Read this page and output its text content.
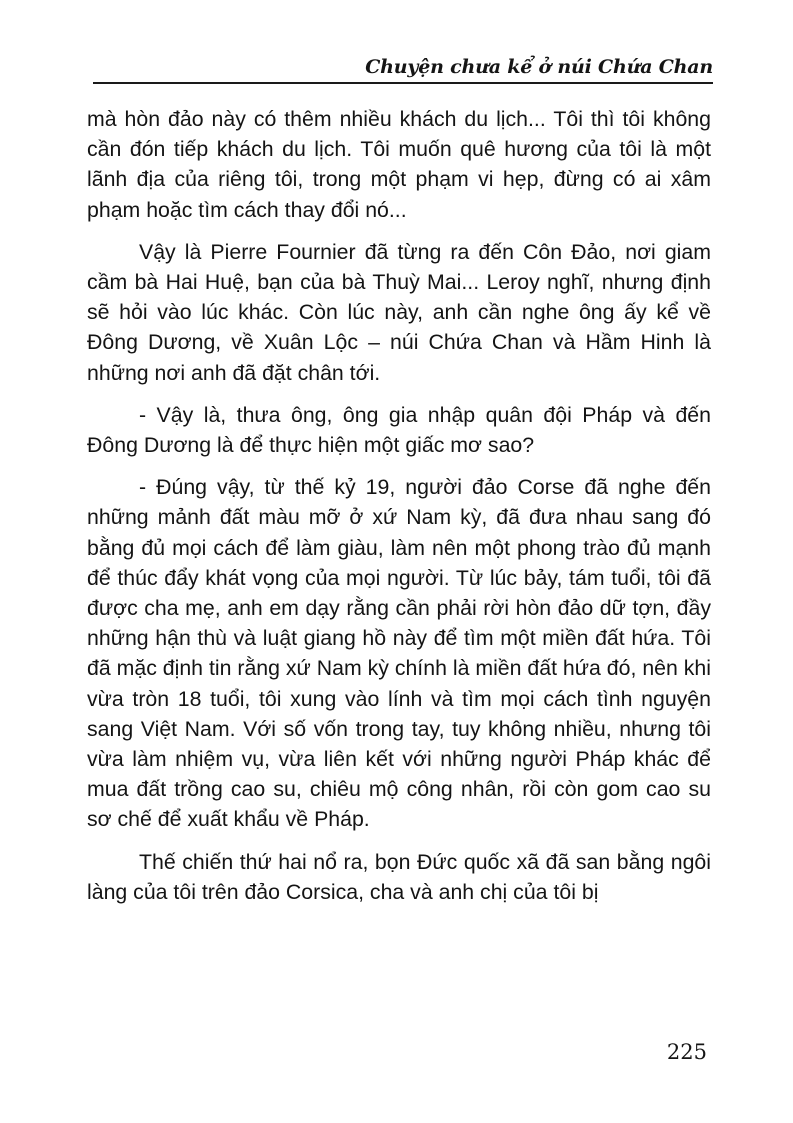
Chuyện chưa kể ở núi Chứa Chan

mà hòn đảo này có thêm nhiều khách du lịch... Tôi thì tôi không cần đón tiếp khách du lịch. Tôi muốn quê hương của tôi là một lãnh địa của riêng tôi, trong một phạm vi hẹp, đừng có ai xâm phạm hoặc tìm cách thay đổi nó...

Vậy là Pierre Fournier đã từng ra đến Côn Đảo, nơi giam cầm bà Hai Huệ, bạn của bà Thuỳ Mai... Leroy nghĩ, nhưng định sẽ hỏi vào lúc khác. Còn lúc này, anh cần nghe ông ấy kể về Đông Dương, về Xuân Lộc – núi Chứa Chan và Hầm Hinh là những nơi anh đã đặt chân tới.

- Vậy là, thưa ông, ông gia nhập quân đội Pháp và đến Đông Dương là để thực hiện một giấc mơ sao?

- Đúng vậy, từ thế kỷ 19, người đảo Corse đã nghe đến những mảnh đất màu mỡ ở xứ Nam kỳ, đã đưa nhau sang đó bằng đủ mọi cách để làm giàu, làm nên một phong trào đủ mạnh để thúc đẩy khát vọng của mọi người. Từ lúc bảy, tám tuổi, tôi đã được cha mẹ, anh em dạy rằng cần phải rời hòn đảo dữ tợn, đầy những hận thù và luật giang hồ này để tìm một miền đất hứa. Tôi đã mặc định tin rằng xứ Nam kỳ chính là miền đất hứa đó, nên khi vừa tròn 18 tuổi, tôi xung vào lính và tìm mọi cách tình nguyện sang Việt Nam. Với số vốn trong tay, tuy không nhiều, nhưng tôi vừa làm nhiệm vụ, vừa liên kết với những người Pháp khác để mua đất trồng cao su, chiêu mộ công nhân, rồi còn gom cao su sơ chế để xuất khẩu về Pháp.

Thế chiến thứ hai nổ ra, bọn Đức quốc xã đã san bằng ngôi làng của tôi trên đảo Corsica, cha và anh chị của tôi bị

225
